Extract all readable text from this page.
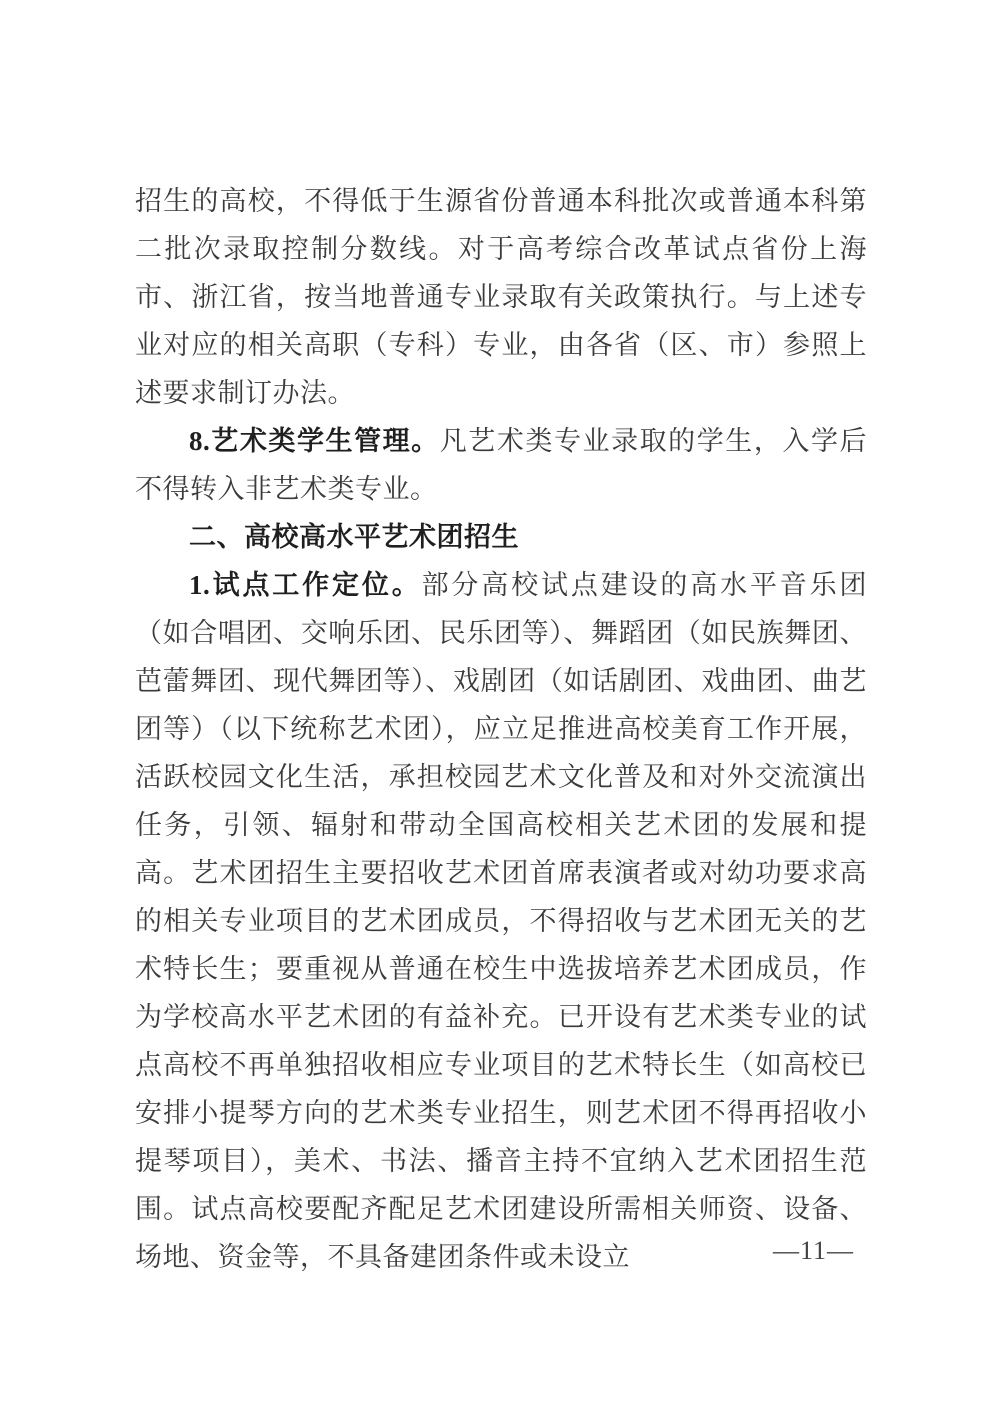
招生的高校，不得低于生源省份普通本科批次或普通本科第二批次录取控制分数线。对于高考综合改革试点省份上海市、浙江省，按当地普通专业录取有关政策执行。与上述专业对应的相关高职（专科）专业，由各省（区、市）参照上述要求制订办法。
8.艺术类学生管理。凡艺术类专业录取的学生，入学后不得转入非艺术类专业。
二、高校高水平艺术团招生
1.试点工作定位。部分高校试点建设的高水平音乐团（如合唱团、交响乐团、民乐团等）、舞蹈团（如民族舞团、芭蕾舞团、现代舞团等）、戏剧团（如话剧团、戏曲团、曲艺团等）（以下统称艺术团），应立足推进高校美育工作开展，活跃校园文化生活，承担校园艺术文化普及和对外交流演出任务，引领、辐射和带动全国高校相关艺术团的发展和提高。艺术团招生主要招收艺术团首席表演者或对幼功要求高的相关专业项目的艺术团成员，不得招收与艺术团无关的艺术特长生；要重视从普通在校生中选拔培养艺术团成员，作为学校高水平艺术团的有益补充。已开设有艺术类专业的试点高校不再单独招收相应专业项目的艺术特长生（如高校已安排小提琴方向的艺术类专业招生，则艺术团不得再招收小提琴项目），美术、书法、播音主持不宜纳入艺术团招生范围。试点高校要配齐配足艺术团建设所需相关师资、设备、场地、资金等，不具备建团条件或未设立	—11—
